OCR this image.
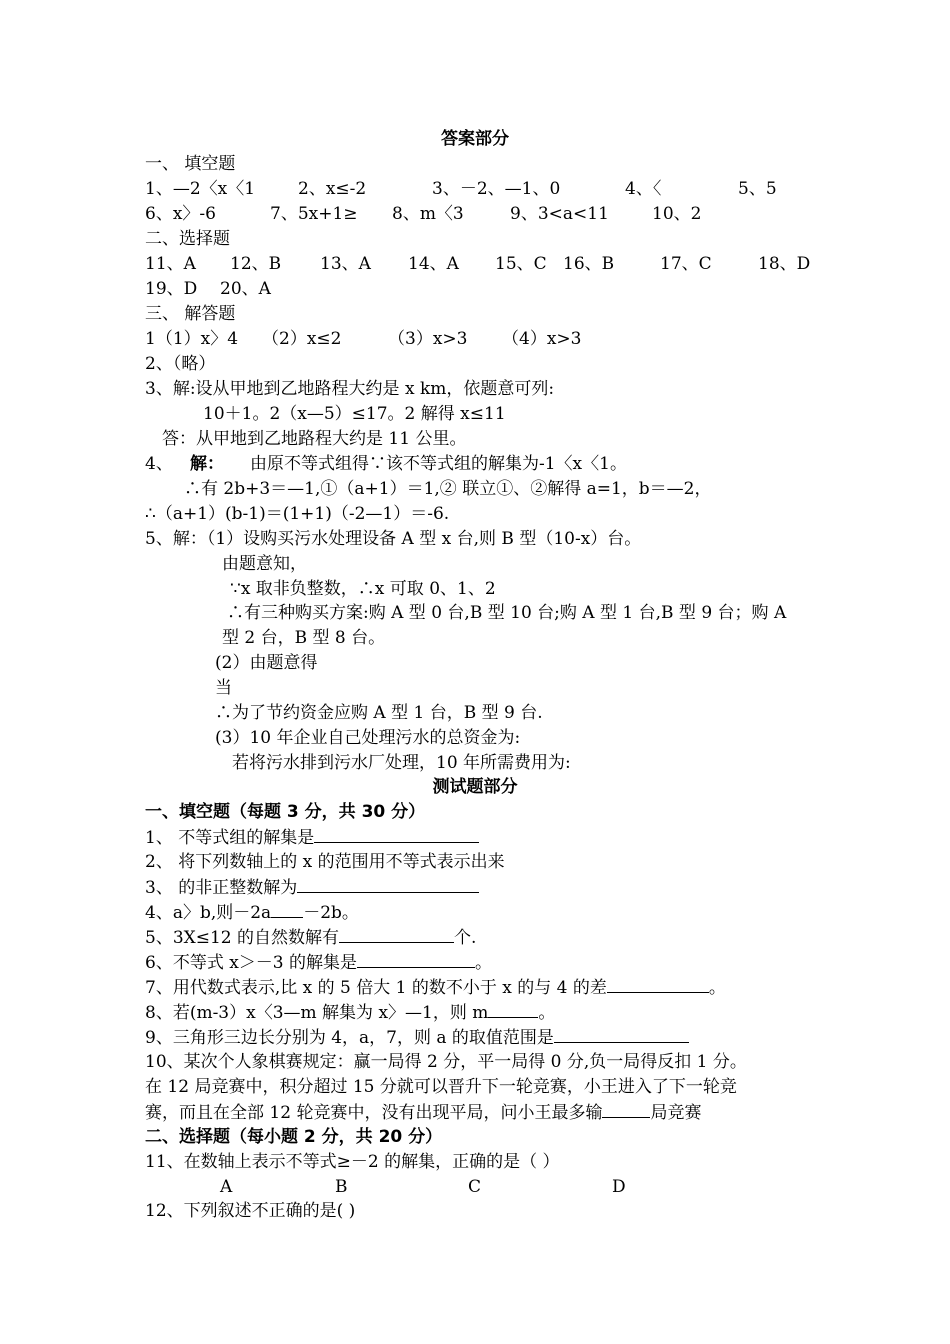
答案部分
一、 填空题
1、—2〈x〈1	2、x≤-2	3、－2、—1、0	4、〈	5、5
6、x〉-6	7、5x+1≥ 8、m〈3	9、3<a<11	10、2
二、选择题
11、A 12、B 13、A 14、A 15、C 16、B	17、C	18、D
19、D 20、A
三、 解答题
1（1）x〉4 （2）x≤2	（3）x>3 （4）x>3
2、（略）
3、解:设从甲地到乙地路程大约是 x km，依题意可列:
10＋1。2（x—5）≤17。2 解得 x≤11
答：从甲地到乙地路程大约是 11 公里。
4、 解： 由原不等式组得∵该不等式组的解集为-1〈x〈1。
∴有 2b+3＝—1,①（a+1）＝1,② 联立①、②解得 a=1，b＝—2，
∴（a+1）(b-1)＝(1+1)（-2—1）＝-6.
5、解：（1）设购买污水处理设备 A 型 x 台,则 B 型（10-x）台。
由题意知，
∵x 取非负整数，∴x 可取 0、1、2
∴有三种购买方案:购 A 型 0 台,B 型 10 台;购 A 型 1 台,B 型 9 台；购 A
型 2 台，B 型 8 台。
(2）由题意得
当
∴为了节约资金应购 A 型 1 台，B 型 9 台.
(3）10 年企业自己处理污水的总资金为:
若将污水排到污水厂处理，10 年所需费用为:
测试题部分
一、填空题（每题 3 分，共 30 分）
1、 不等式组的解集是
2、 将下列数轴上的 x 的范围用不等式表示出来
3、 的非正整数解为
4、a〉b,则－2a －2b。
5、3X≤12 的自然数解有	个.
6、不等式 x＞－3 的解集是	。
7、用代数式表示,比 x 的 5 倍大 1 的数不小于 x 的与 4 的差	。
8、若(m-3）x〈3—m 解集为 x〉—1，则 m	。
9、三角形三边长分别为 4，a，7，则 a 的取值范围是
10、某次个人象棋赛规定：赢一局得 2 分，平一局得 0 分,负一局得反扣 1 分。
在 12 局竞赛中，积分超过 15 分就可以晋升下一轮竞赛，小王进入了下一轮竞
赛，而且在全部 12 轮竞赛中，没有出现平局，问小王最多输	局竞赛
二、选择题（每小题 2 分，共 20 分）
11、在数轴上表示不等式≥－2 的解集，正确的是（ ）
A	B	C	D
12、下列叙述不正确的是( )
